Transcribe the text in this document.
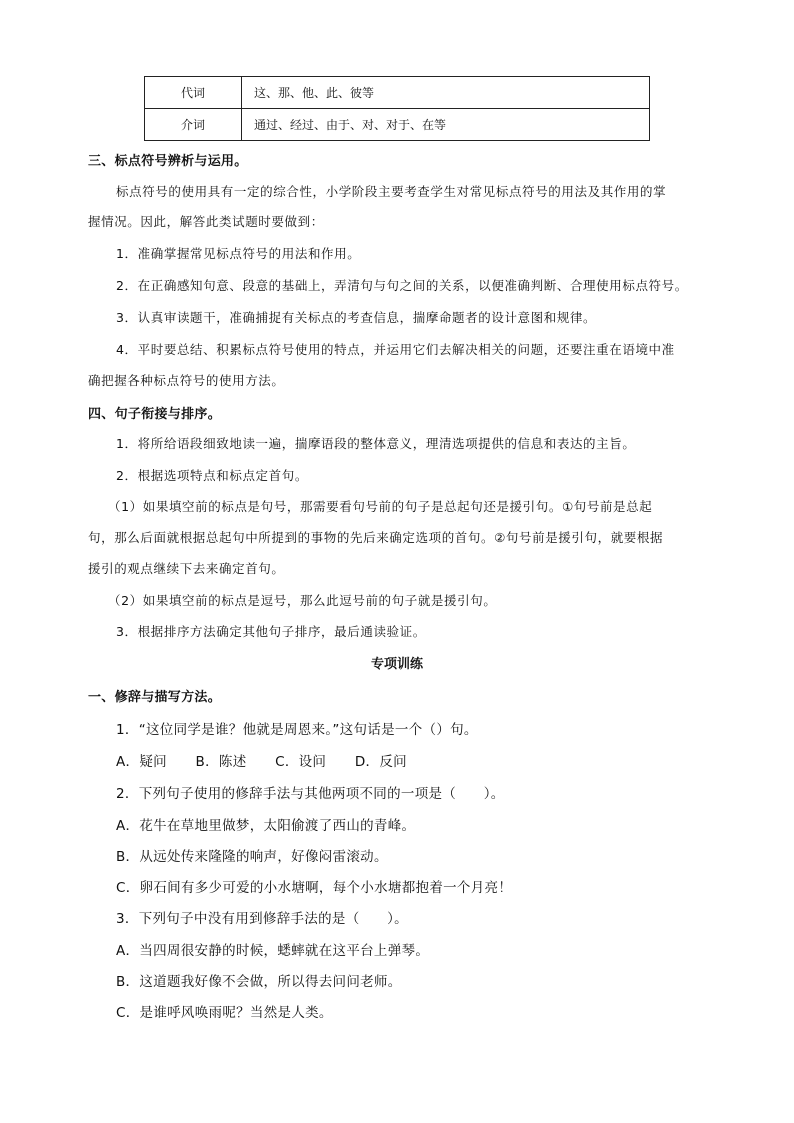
代词	这、那、他、此、彼等
介词	通过、经过、由于、对、对于、在等
三、标点符号辨析与运用。
标点符号的使用具有一定的综合性，小学阶段主要考查学生对常见标点符号的用法及其作用的掌
握情况。因此，解答此类试题时要做到：
1．准确掌握常见标点符号的用法和作用。
2．在正确感知句意、段意的基础上，弄清句与句之间的关系，以便准确判断、合理使用标点符号。
3．认真审读题干，准确捕捉有关标点的考查信息，揣摩命题者的设计意图和规律。
4．平时要总结、积累标点符号使用的特点，并运用它们去解决相关的问题，还要注重在语境中准
确把握各种标点符号的使用方法。
四、句子衔接与排序。
1．将所给语段细致地读一遍，揣摩语段的整体意义，理清选项提供的信息和表达的主旨。
2．根据选项特点和标点定首句。
（1）如果填空前的标点是句号，那需要看句号前的句子是总起句还是援引句。①句号前是总起
句，那么后面就根据总起句中所提到的事物的先后来确定选项的首句。②句号前是援引句，就要根据
援引的观点继续下去来确定首句。
（2）如果填空前的标点是逗号，那么此逗号前的句子就是援引句。
3．根据排序方法确定其他句子排序，最后通读验证。
专项训练
一、修辞与描写方法。
1．“这位同学是谁？他就是周恩来。”这句话是一个（）句。
A．疑问 B．陈述 C．设问 D．反问
2．下列句子使用的修辞手法与其他两项不同的一项是（　　）。
A．花牛在草地里做梦，太阳偷渡了西山的青峰。
B．从远处传来隆隆的响声，好像闷雷滚动。
C．卵石间有多少可爱的小水塘啊，每个小水塘都抱着一个月亮！
3．下列句子中没有用到修辞手法的是（　　）。
A．当四周很安静的时候，蟋蟀就在这平台上弹琴。
B．这道题我好像不会做，所以得去问问老师。
C．是谁呼风唤雨呢？当然是人类。
